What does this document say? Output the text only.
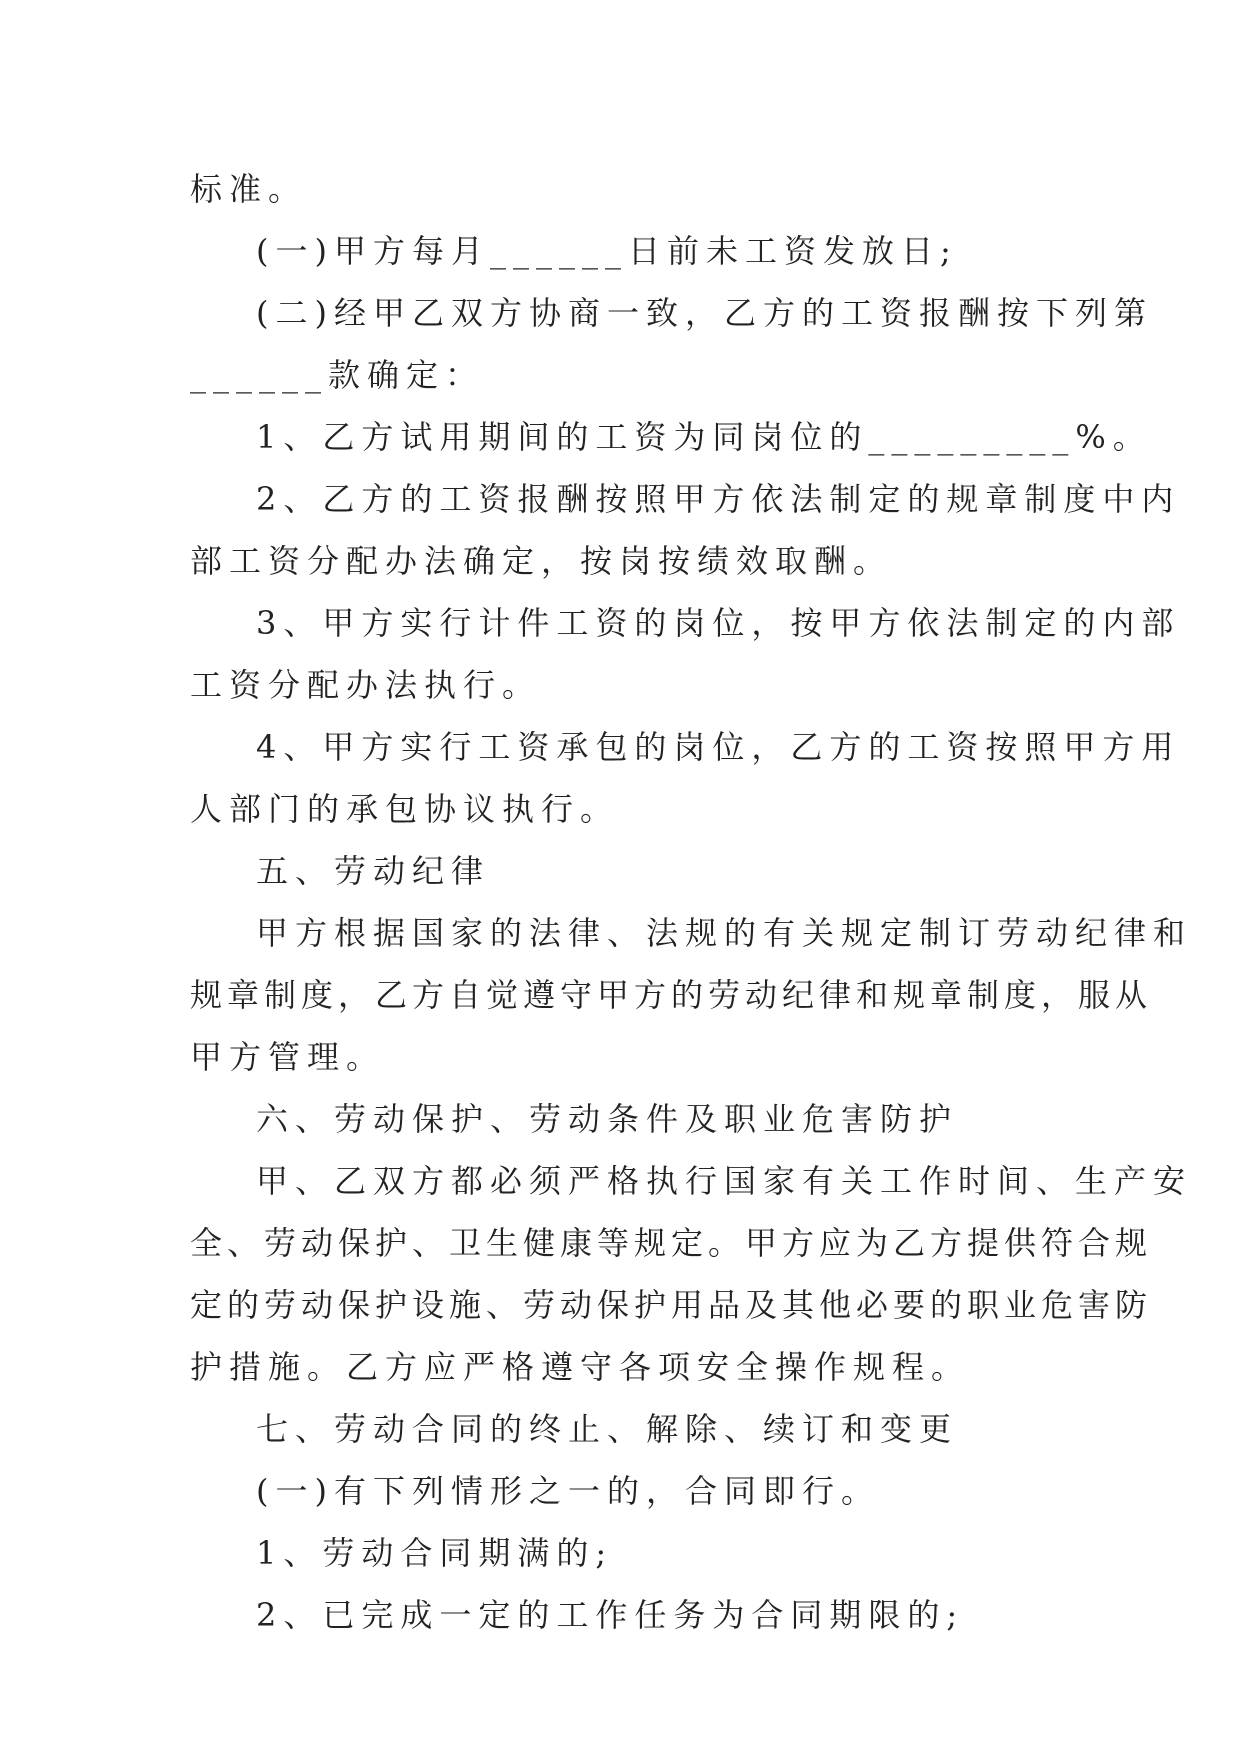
标准。
(一)甲方每月______日前未工资发放日;
(二)经甲乙双方协商一致，乙方的工资报酬按下列第
______款确定：
1、乙方试用期间的工资为同岗位的_________%。
2、乙方的工资报酬按照甲方依法制定的规章制度中内
部工资分配办法确定，按岗按绩效取酬。
3、甲方实行计件工资的岗位，按甲方依法制定的内部
工资分配办法执行。
4、甲方实行工资承包的岗位，乙方的工资按照甲方用
人部门的承包协议执行。
五、劳动纪律
甲方根据国家的法律、法规的有关规定制订劳动纪律和
规章制度，乙方自觉遵守甲方的劳动纪律和规章制度，服从
甲方管理。
六、劳动保护、劳动条件及职业危害防护
甲、乙双方都必须严格执行国家有关工作时间、生产安
全、劳动保护、卫生健康等规定。甲方应为乙方提供符合规
定的劳动保护设施、劳动保护用品及其他必要的职业危害防
护措施。乙方应严格遵守各项安全操作规程。
七、劳动合同的终止、解除、续订和变更
(一)有下列情形之一的，合同即行。
1、劳动合同期满的;
2、已完成一定的工作任务为合同期限的;
